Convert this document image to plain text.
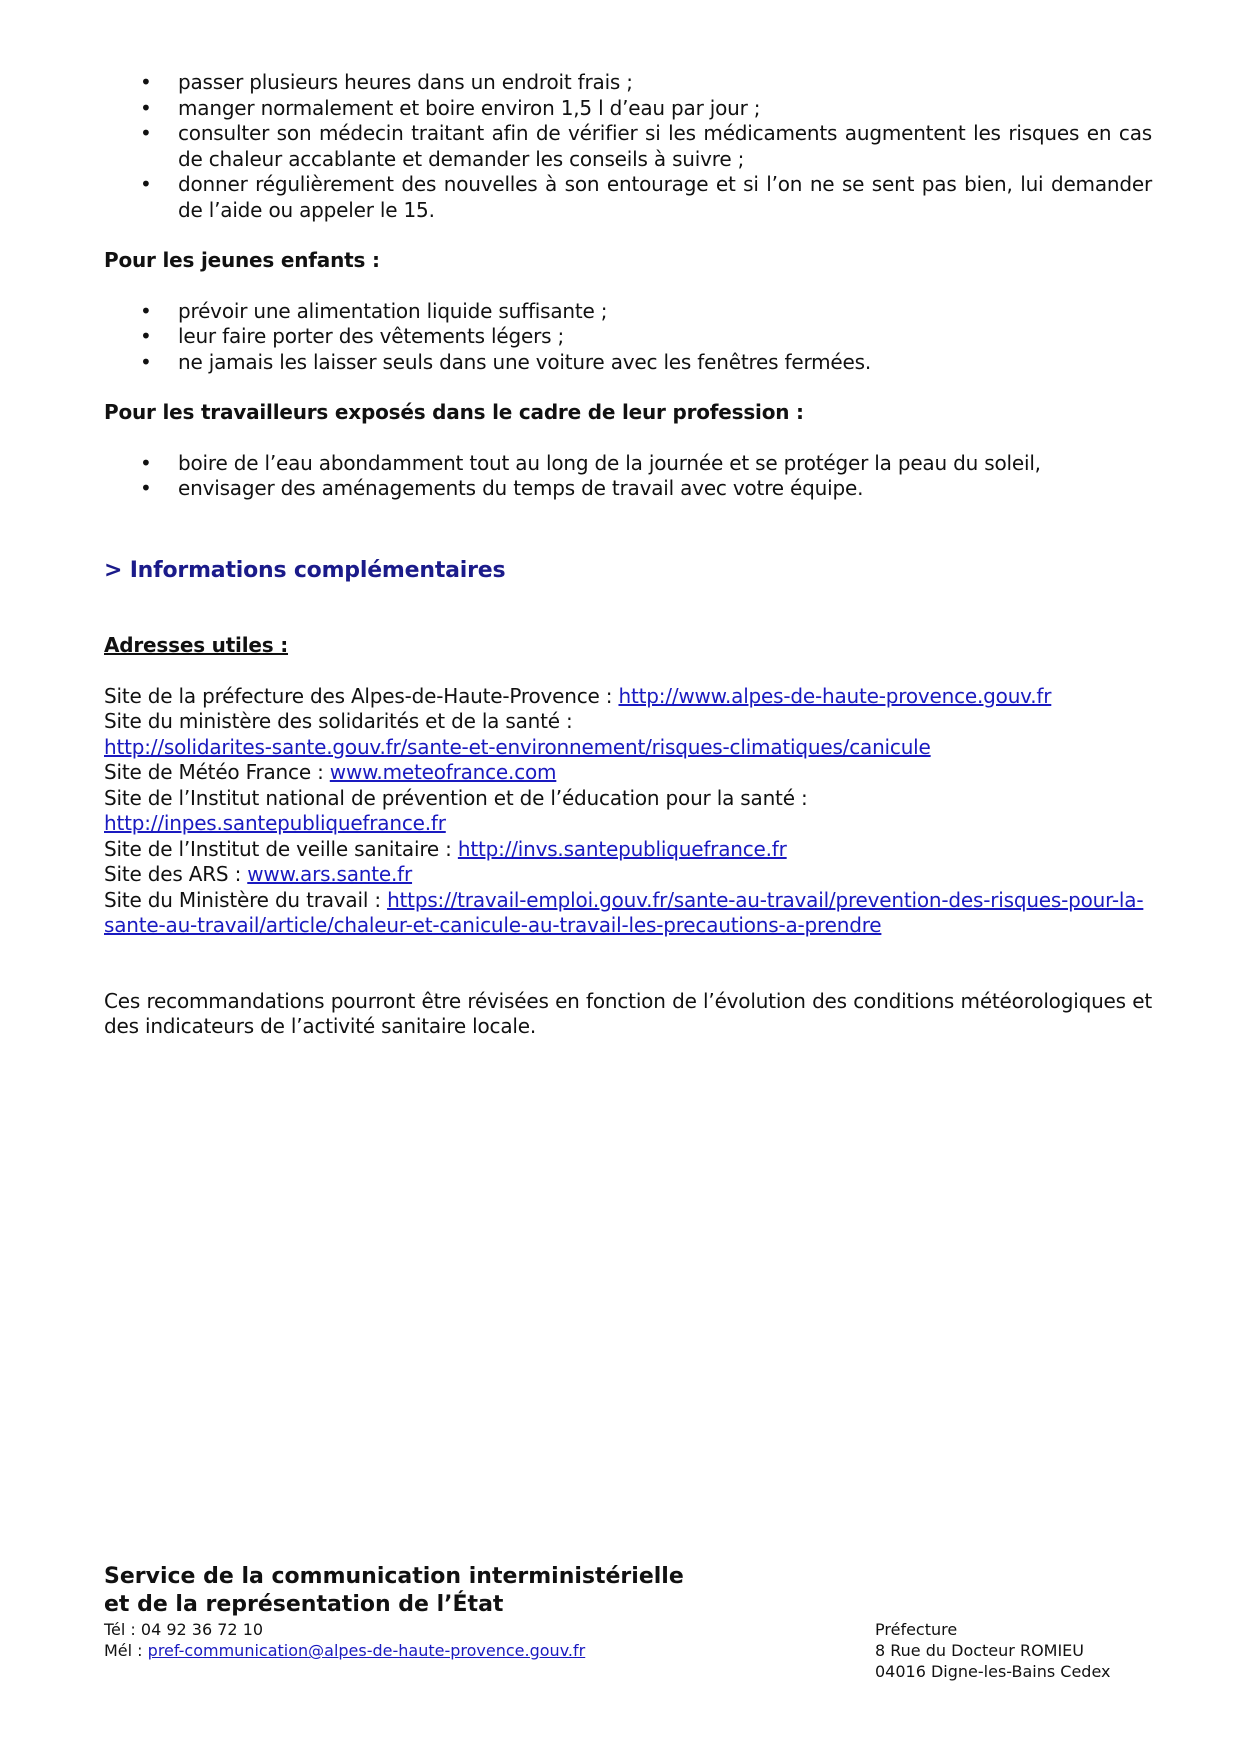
• passer plusieurs heures dans un endroit frais ;
• manger normalement et boire environ 1,5 l d’eau par jour ;
• consulter son médecin traitant afin de vérifier si les médicaments augmentent les risques en cas de chaleur accablante et demander les conseils à suivre ;
• donner régulièrement des nouvelles à son entourage et si l’on ne se sent pas bien, lui demander de l’aide ou appeler le 15.
Pour les jeunes enfants :
• prévoir une alimentation liquide suffisante ;
• leur faire porter des vêtements légers ;
• ne jamais les laisser seuls dans une voiture avec les fenêtres fermées.
Pour les travailleurs exposés dans le cadre de leur profession :
• boire de l’eau abondamment tout au long de la journée et se protéger la peau du soleil,
• envisager des aménagements du temps de travail avec votre équipe.
> Informations complémentaires
Adresses utiles :
Site de la préfecture des Alpes-de-Haute-Provence : http://www.alpes-de-haute-provence.gouv.fr
Site du ministère des solidarités et de la santé :
http://solidarites-sante.gouv.fr/sante-et-environnement/risques-climatiques/canicule
Site de Météo France : www.meteofrance.com
Site de l’Institut national de prévention et de l’éducation pour la santé :
http://inpes.santepubliquefrance.fr
Site de l’Institut de veille sanitaire : http://invs.santepubliquefrance.fr
Site des ARS : www.ars.sante.fr
Site du Ministère du travail : https://travail-emploi.gouv.fr/sante-au-travail/prevention-des-risques-pour-la-
sante-au-travail/article/chaleur-et-canicule-au-travail-les-precautions-a-prendre
Ces recommandations pourront être révisées en fonction de l’évolution des conditions météorologiques et des indicateurs de l’activité sanitaire locale.
Service de la communication interministérielle
et de la représentation de l’État
Tél : 04 92 36 72 10
Mél : pref-communication@alpes-de-haute-provence.gouv.fr
Préfecture
8 Rue du Docteur ROMIEU
04016 Digne-les-Bains Cedex
